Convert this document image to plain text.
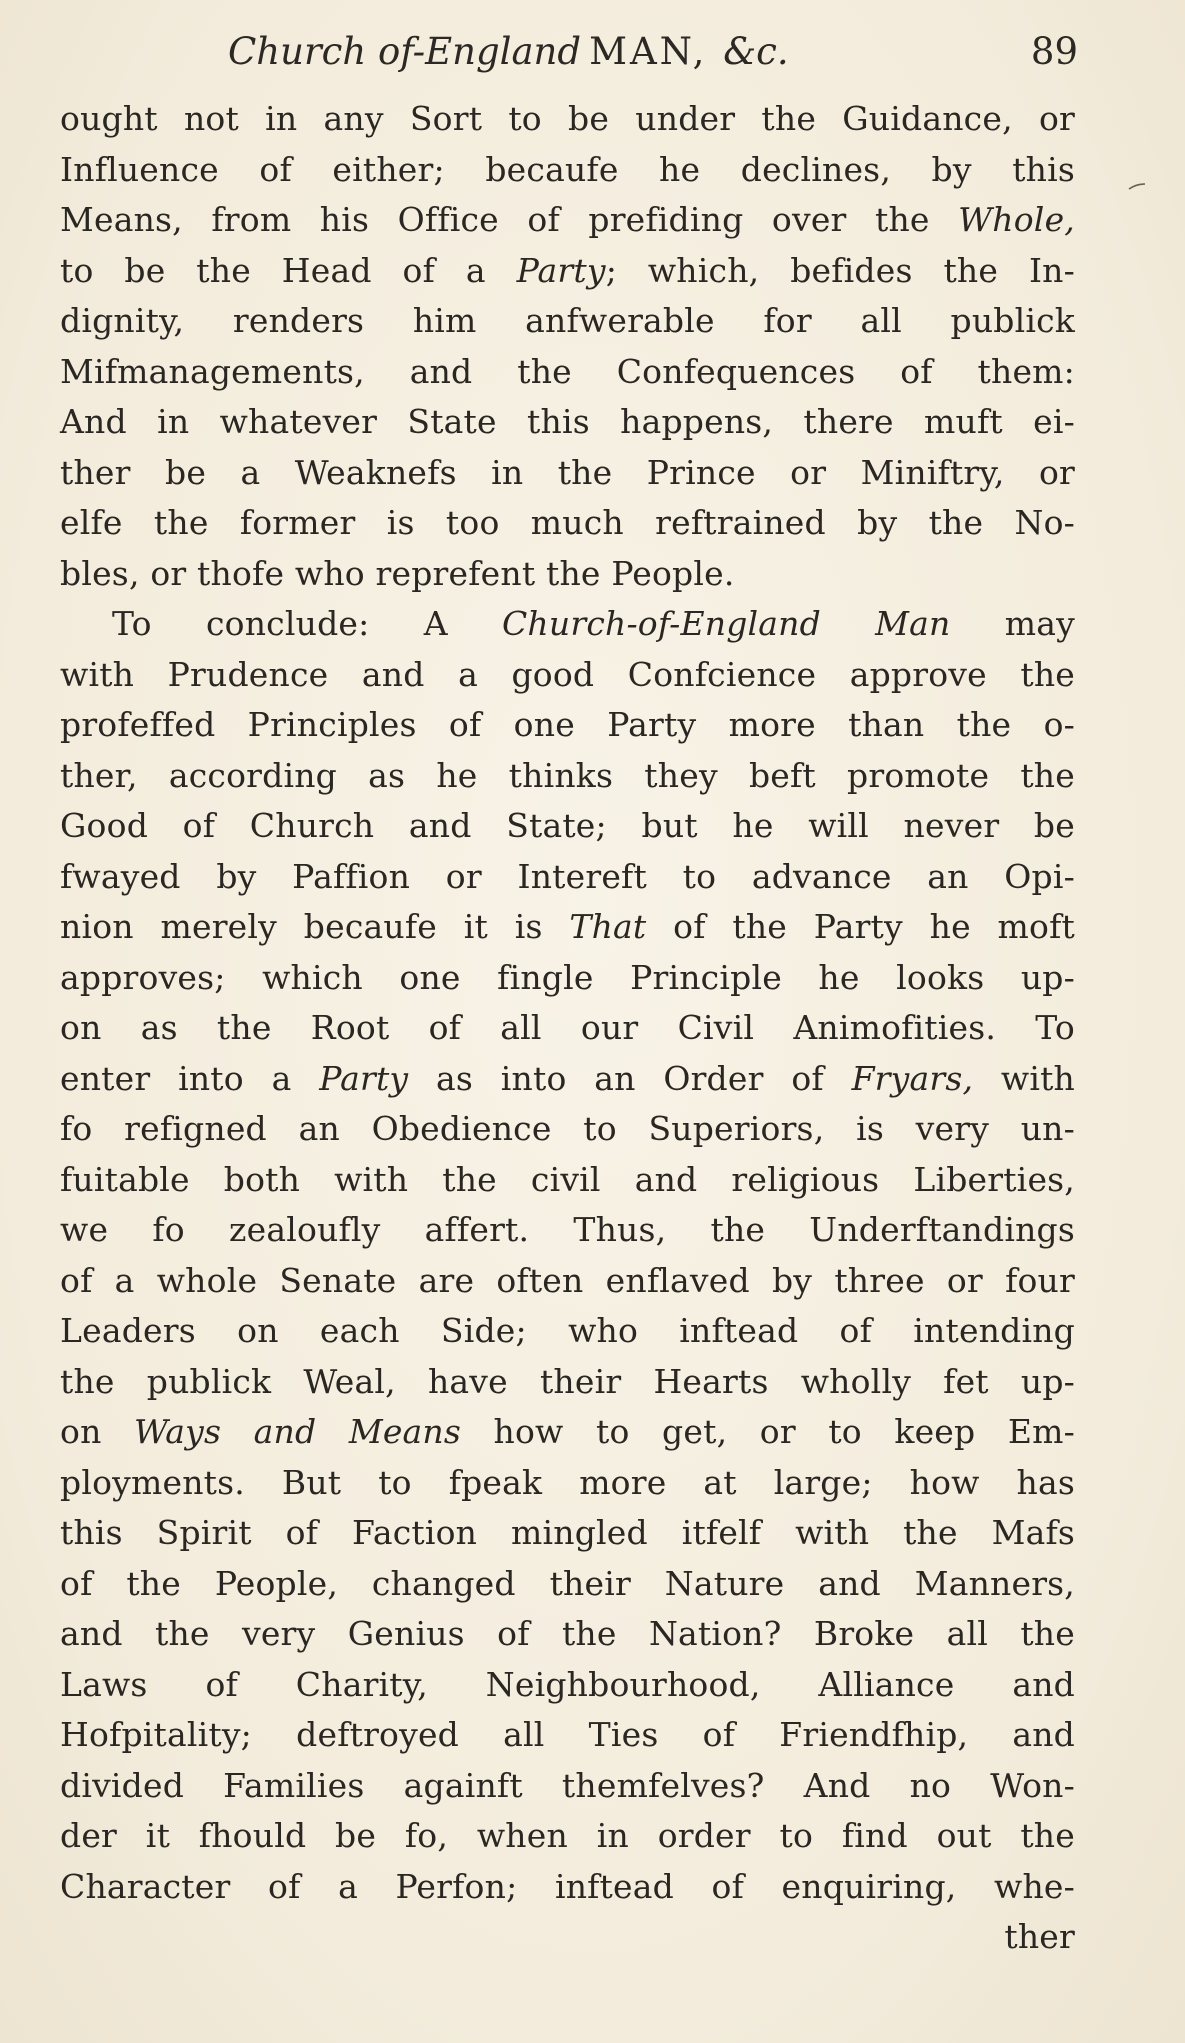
Church of-England MAN, &c.	89
ought not in any Sort to be under the Guidance, or
Influence of either; becaufe he declines, by this
Means, from his Office of prefiding over the Whole,
to be the Head of a Party; which, befides the In-
dignity, renders him anfwerable for all publick
Mifmanagements, and the Confequences of them:
And in whatever State this happens, there muft ei-
ther be a Weaknefs in the Prince or Miniftry, or
elfe the former is too much reftrained by the No-
bles, or thofe who reprefent the People.
To conclude: A Church-of-England Man may
with Prudence and a good Confcience approve the
profeffed Principles of one Party more than the o-
ther, according as he thinks they beft promote the
Good of Church and State; but he will never be
fwayed by Paffion or Intereft to advance an Opi-
nion merely becaufe it is That of the Party he moft
approves; which one fingle Principle he looks up-
on as the Root of all our Civil Animofities. To
enter into a Party as into an Order of Fryars, with
fo refigned an Obedience to Superiors, is very un-
fuitable both with the civil and religious Liberties,
we fo zealoufly affert. Thus, the Underftandings
of a whole Senate are often enflaved by three or four
Leaders on each Side; who inftead of intending
the publick Weal, have their Hearts wholly fet up-
on Ways and Means how to get, or to keep Em-
ployments. But to fpeak more at large; how has
this Spirit of Faction mingled itfelf with the Mafs
of the People, changed their Nature and Manners,
and the very Genius of the Nation? Broke all the
Laws of Charity, Neighbourhood, Alliance and
Hofpitality; deftroyed all Ties of Friendfhip, and
divided Families againft themfelves? And no Won-
der it fhould be fo, when in order to find out the
Character of a Perfon; inftead of enquiring, whe-
ther
